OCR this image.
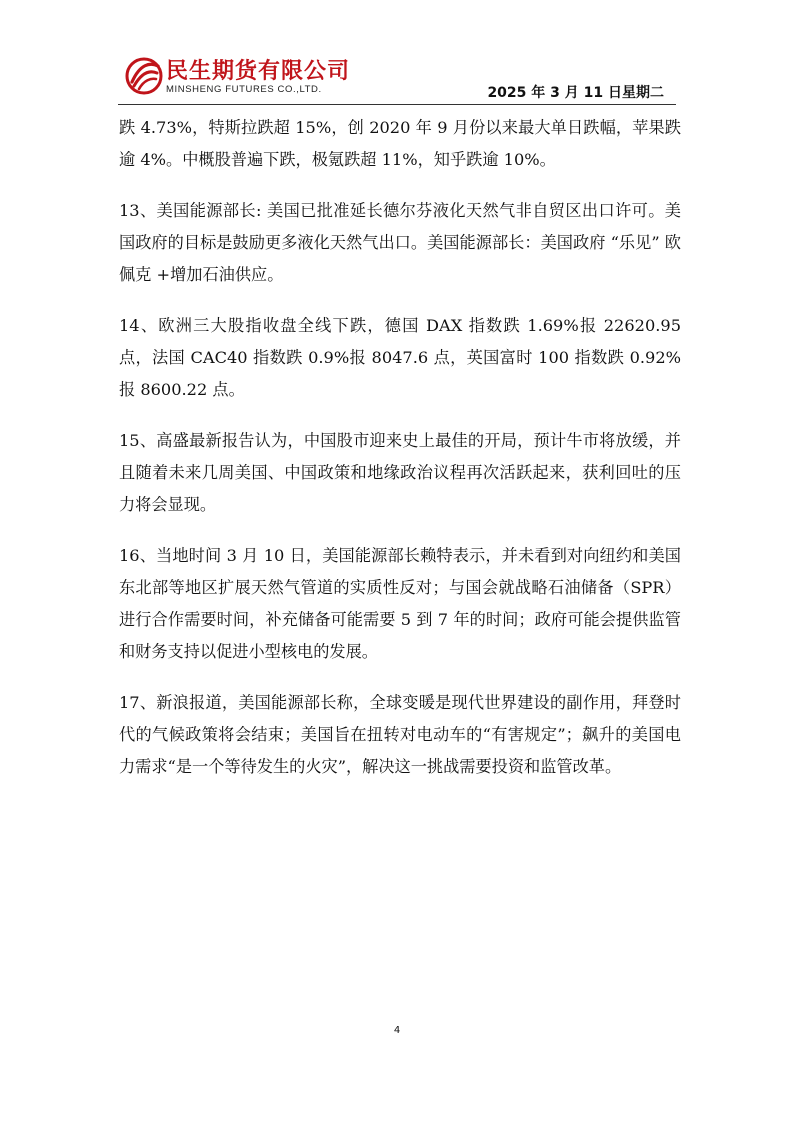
民生期货有限公司
MINSHENG FUTURES CO.,LTD.	2025 年 3 月 11 日星期二

跌 4.73%，特斯拉跌超 15%，创 2020 年 9 月份以来最大单日跌幅，苹果跌逾 4%。中概股普遍下跌，极氪跌超 11%，知乎跌逾 10%。

13、美国能源部长: 美国已批准延长德尔芬液化天然气非自贸区出口许可。美国政府的目标是鼓励更多液化天然气出口。美国能源部长：美国政府 “乐见” 欧佩克 +增加石油供应。

14、欧洲三大股指收盘全线下跌，德国 DAX 指数跌 1.69%报 22620.95 点，法国 CAC40 指数跌 0.9%报 8047.6 点，英国富时 100 指数跌 0.92%报 8600.22 点。

15、高盛最新报告认为，中国股市迎来史上最佳的开局，预计牛市将放缓，并且随着未来几周美国、中国政策和地缘政治议程再次活跃起来，获利回吐的压力将会显现。

16、当地时间 3 月 10 日，美国能源部长赖特表示，并未看到对向纽约和美国东北部等地区扩展天然气管道的实质性反对；与国会就战略石油储备（SPR）进行合作需要时间，补充储备可能需要 5 到 7 年的时间；政府可能会提供监管和财务支持以促进小型核电的发展。

17、新浪报道，美国能源部长称，全球变暖是现代世界建设的副作用，拜登时代的气候政策将会结束；美国旨在扭转对电动车的“有害规定”；飙升的美国电力需求“是一个等待发生的火灾”，解决这一挑战需要投资和监管改革。

4
